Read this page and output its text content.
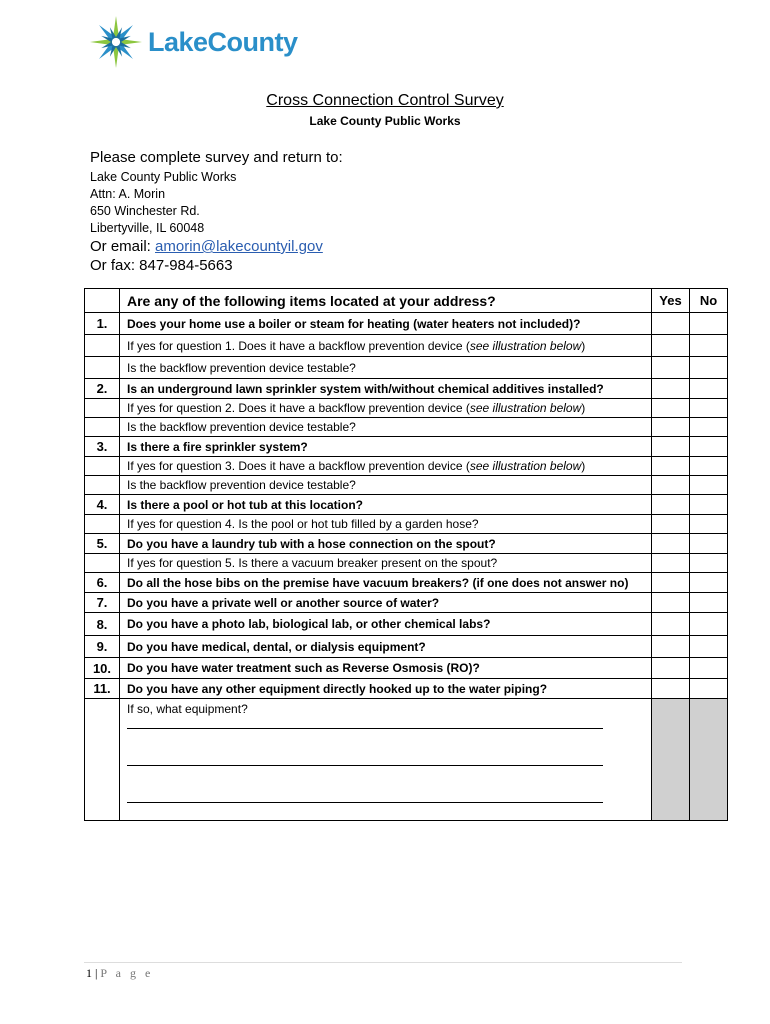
LakeCounty
Cross Connection Control Survey
Lake County Public Works
Please complete survey and return to:
Lake County Public Works
Attn: A. Morin
650 Winchester Rd.
Libertyville, IL 60048
Or email: amorin@lakecountyil.gov
Or fax: 847-984-5663
	Are any of the following items located at your address?	Yes	No
1.	Does your home use a boiler or steam for heating (water heaters not included)?		
	If yes for question 1. Does it have a backflow prevention device (see illustration below)		
	Is the backflow prevention device testable?		
2.	Is an underground lawn sprinkler system with/without chemical additives installed?		
	If yes for question 2. Does it have a backflow prevention device (see illustration below)		
	Is the backflow prevention device testable?		
3.	Is there a fire sprinkler system?		
	If yes for question 3. Does it have a backflow prevention device (see illustration below)		
	Is the backflow prevention device testable?		
4.	Is there a pool or hot tub at this location?		
	If yes for question 4. Is the pool or hot tub filled by a garden hose?		
5.	Do you have a laundry tub with a hose connection on the spout?		
	If yes for question 5. Is there a vacuum breaker present on the spout?		
6.	Do all the hose bibs on the premise have vacuum breakers? (if one does not answer no)		
7.	Do you have a private well or another source of water?		
8.	Do you have a photo lab, biological lab, or other chemical labs?		
9.	Do you have medical, dental, or dialysis equipment?		
10.	Do you have water treatment such as Reverse Osmosis (RO)?		
11.	Do you have any other equipment directly hooked up to the water piping?		

	If so, what equipment?		

1 | P a g e
